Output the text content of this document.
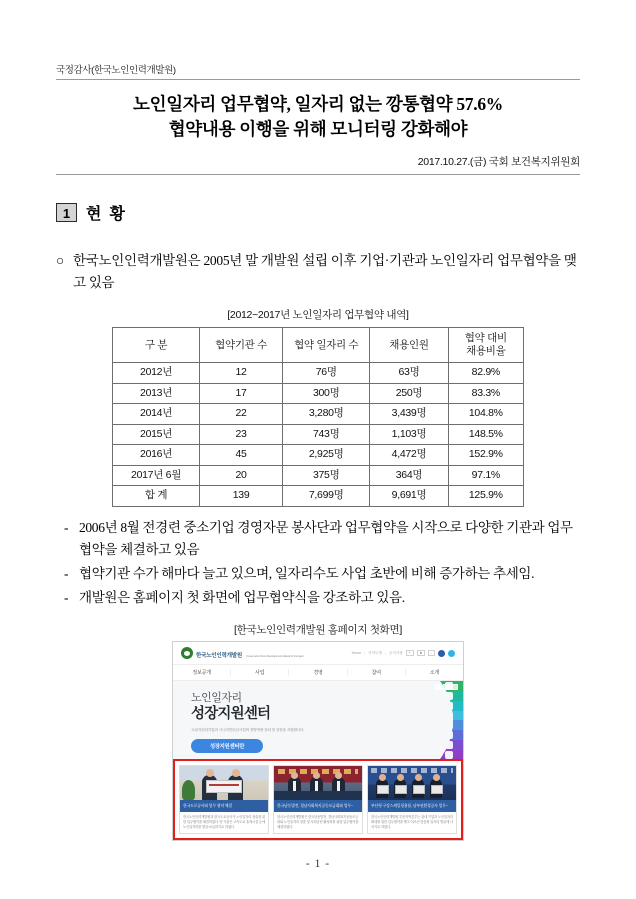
국정감사(한국노인인력개발원)
노인일자리 업무협약, 일자리 없는 깡통협약 57.6%
협약내용 이행을 위해 모니터링 강화해야
2017.10.27.(금) 국회 보건복지위원회
1 현 황
○ 한국노인인력개발원은 2005년 말 개발원 설립 이후 기업·기관과 노인일자리 업무협약을 맺고 있음
[2012~2017년 노인일자리 업무협약 내역]
구 분	협약기관 수	협약 일자리 수	채용인원	협약 대비
채용비율

2012년	12	76명	63명	82.9%
2013년	17	300명	250명	83.3%
2014년	22	3,280명	3,439명	104.8%
2015년	23	743명	1,103명	148.5%
2016년	45	2,925명	4,472명	152.9%
2017년 6월	20	375명	364명	97.1%
합 계	139	7,699명	9,691명	125.9%
- 2006년 8월 전경련 중소기업 경영자문 봉사단과 업무협약을 시작으로 다양한 기관과 업무협약을 체결하고 있음
- 협약기관 수가 해마다 늘고 있으며, 일자리수도 사업 초반에 비해 증가하는 추세임.
- 개발원은 홈페이지 첫 화면에 업무협약식을 강조하고 있음.
[한국노인인력개발원 홈페이지 첫화면]
한국노인인력개발원 Korea Labor Force Development Institute for the Aged
Home | 사이트맵 | 공지사항	+	■	-
정보공개	사업	경영	참여	소개
노인일자리
성장지원센터
고령자친화기업과 시니어인턴십사업의 경영역량 강화 및 성장을 지원합니다.
성장지원센터란
한국도로공사와 업무 협약 체결
한국노인인력개발원과 한국도로공사가 노인일자리 창출을 위한 업무협약을 체결하였다. 양 기관은 고속도로 휴게시설 등에 노인일자리를 발굴·보급하기로 하였다.
한국남동발전, 경남사회복지공동모금회와 업무~
한국노인인력개발원은 한국남동발전, 경남사회복지공동모금회와 노인일자리 창출 및 사회공헌 활성화를 위한 업무협약을 체결하였다.
부산형 구강스케일링용품, 남부권환경공사 업무~
한국노인인력개발원 부산지역본부는 관내 기업과 노인일자리 확대를 위한 업무협약을 맺고 어르신 맞춤형 일자리 발굴에 나서기로 하였다.
- 1 -
